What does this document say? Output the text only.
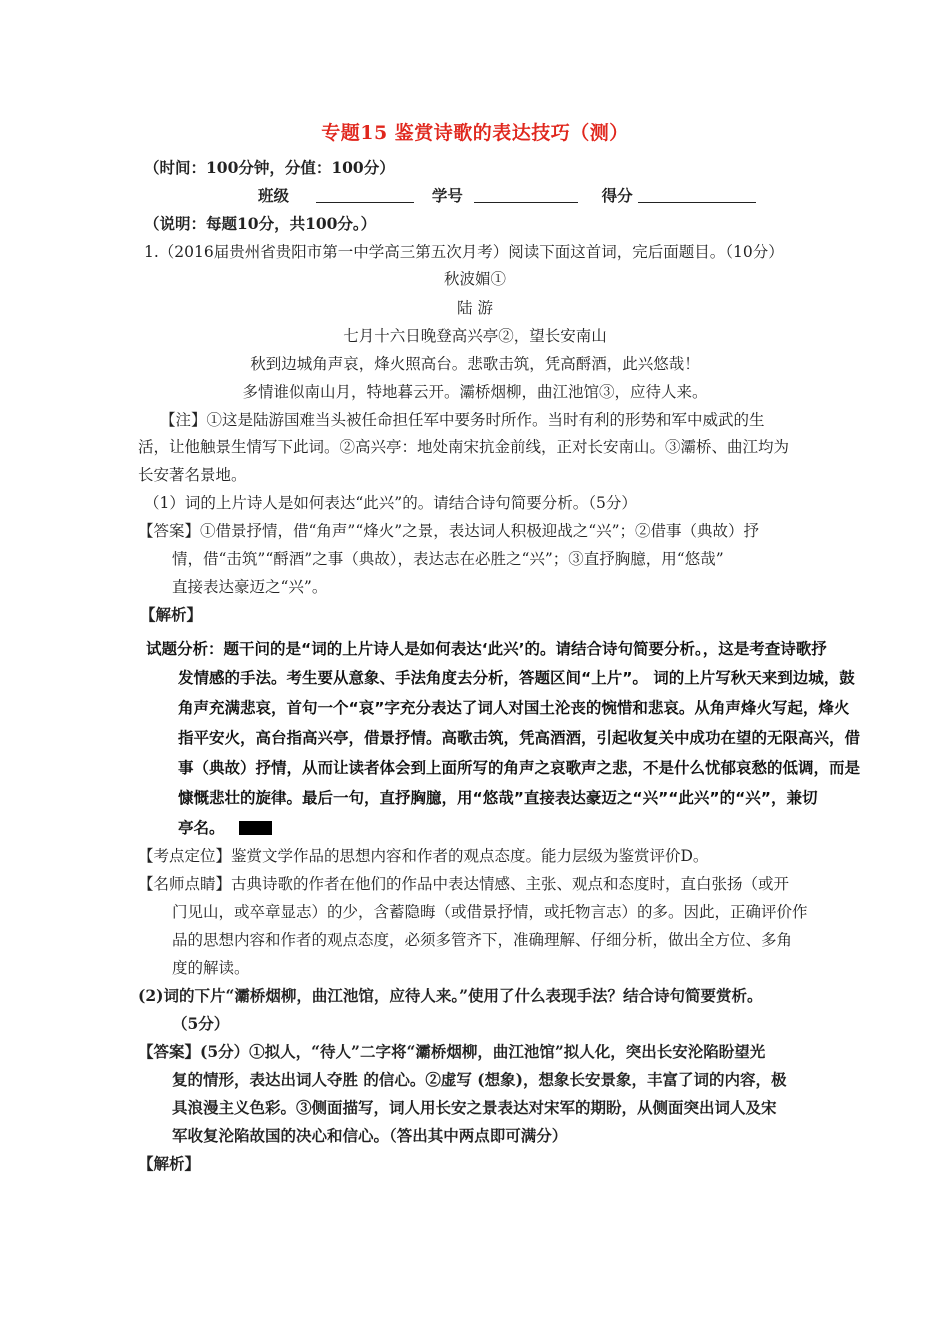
专题15 鉴赏诗歌的表达技巧（测）
（时间：100分钟，分值：100分）
班级	学号	得分
（说明：每题10分，共100分。）
1.（2016届贵州省贵阳市第一中学高三第五次月考）阅读下面这首词，完后面题目。（10分）
秋波媚①
陆 游
七月十六日晚登高兴亭②，望长安南山
秋到边城角声哀，烽火照高台。悲歌击筑，凭高酹酒，此兴悠哉！
多情谁似南山月，特地暮云开。灞桥烟柳，曲江池馆③，应待人来。
【注】①这是陆游国难当头被任命担任军中要务时所作。当时有利的形势和军中威武的生
活，让他触景生情写下此词。②高兴亭：地处南宋抗金前线，正对长安南山。③灞桥、曲江均为
长安著名景地。
（1）词的上片诗人是如何表达“此兴”的。请结合诗句简要分析。（5分）
【答案】①借景抒情，借“角声”“烽火”之景，表达词人积极迎战之“兴”；②借事（典故）抒
情，借“击筑”“酹酒”之事（典故），表达志在必胜之“兴”；③直抒胸臆，用“悠哉”
直接表达豪迈之“兴”。
【解析】
试题分析：题干问的是“词的上片诗人是如何表达‘此兴’的。请结合诗句简要分析。，这是考查诗歌抒
发情感的手法。考生要从意象、手法角度去分析，答题区间“上片”。 词的上片写秋天来到边城，鼓
角声充满悲哀，首句一个“哀”字充分表达了词人对国土沦丧的惋惜和悲哀。从角声烽火写起，烽火
指平安火，高台指高兴亭，借景抒情。高歌击筑，凭高酒酒，引起收复关中成功在望的无限高兴，借
事（典故）抒情，从而让读者体会到上面所写的角声之哀歌声之悲，不是什么忧郁哀愁的低调，而是
慷慨悲壮的旋律。最后一句，直抒胸臆，用“悠哉”直接表达豪迈之“兴”“此兴”的“兴”，兼切
亭名。
【考点定位】鉴赏文学作品的思想内容和作者的观点态度。能力层级为鉴赏评价D。
【名师点睛】古典诗歌的作者在他们的作品中表达情感、主张、观点和态度时，直白张扬（或开
门见山，或卒章显志）的少，含蓄隐晦（或借景抒情，或托物言志）的多。因此，正确评价作
品的思想内容和作者的观点态度，必须多管齐下，准确理解、仔细分析，做出全方位、多角
度的解读。
(2)词的下片“灞桥烟柳，曲江池馆，应待人来。”使用了什么表现手法？结合诗句简要赏析。
（5分）
【答案】(5分）①拟人，“待人”二字将“灞桥烟柳，曲江池馆”拟人化，突出长安沦陷盼望光
复的情形，表达出词人夺胜 的信心。②虚写 (想象)，想象长安景象，丰富了词的内容，极
具浪漫主义色彩。③侧面描写，词人用长安之景表达对宋军的期盼，从侧面突出词人及宋
军收复沦陷故国的决心和信心。（答出其中两点即可满分）
【解析】
